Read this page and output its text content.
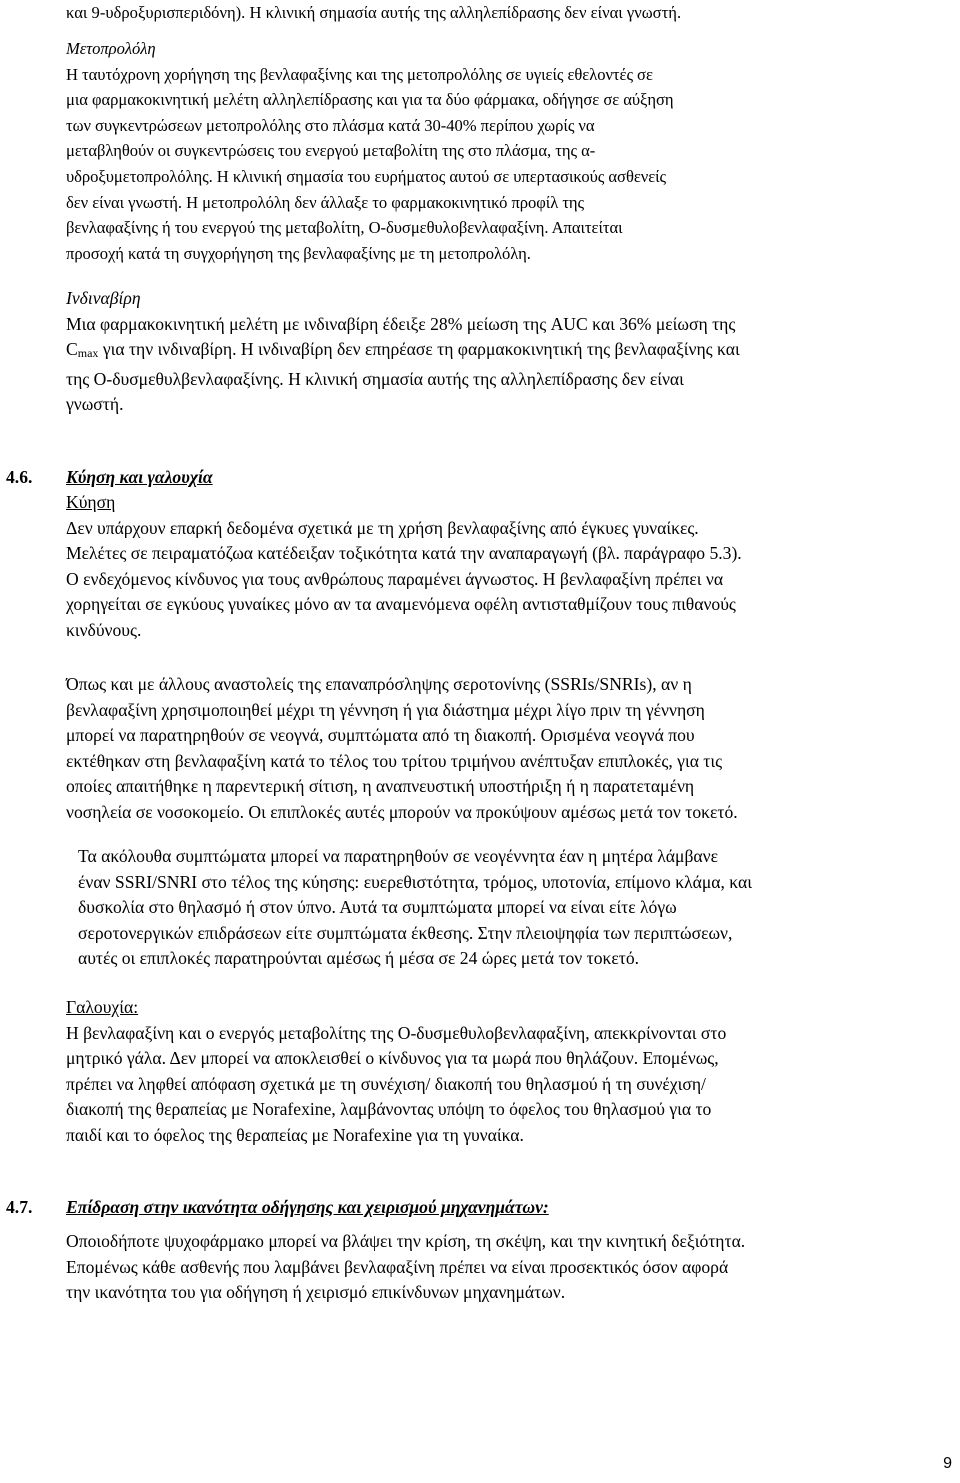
και 9-υδροξυρισπεριδόνη). Η κλινική σημασία αυτής της αλληλεπίδρασης δεν είναι γνωστή.
Μετοπρολόλη
Η ταυτόχρονη χορήγηση της βενλαφαξίνης και της μετοπρολόλης σε υγιείς εθελοντές σε
μια φαρμακοκινητική μελέτη αλληλεπίδρασης και για τα δύο φάρμακα, οδήγησε σε αύξηση
των συγκεντρώσεων μετοπρολόλης στο πλάσμα κατά 30-40% περίπου χωρίς να
μεταβληθούν οι συγκεντρώσεις του ενεργού μεταβολίτη της στο πλάσμα, της α-
υδροξυμετοπρολόλης. Η κλινική σημασία του ευρήματος αυτού σε υπερτασικούς ασθενείς
δεν είναι γνωστή. Η μετοπρολόλη δεν άλλαξε το φαρμακοκινητικό προφίλ της
βενλαφαξίνης ή του ενεργού της μεταβολίτη, Ο-δυσμεθυλοβενλαφαξίνη. Απαιτείται
προσοχή κατά τη συγχορήγηση της βενλαφαξίνης με τη μετοπρολόλη.
Ινδιναβίρη
Μια φαρμακοκινητική μελέτη με ινδιναβίρη έδειξε 28% μείωση της AUC και 36% μείωση της
Cmax για την ινδιναβίρη. Η ινδιναβίρη δεν επηρέασε τη φαρμακοκινητική της βενλαφαξίνης και
της Ο-δυσμεθυλβενλαφαξίνης. Η κλινική σημασία αυτής της αλληλεπίδρασης δεν είναι
γνωστή.
4.6. Κύηση και γαλουχία
Κύηση
Δεν υπάρχουν επαρκή δεδομένα σχετικά με τη χρήση βενλαφαξίνης από έγκυες γυναίκες.
Μελέτες σε πειραματόζωα κατέδειξαν τοξικότητα κατά την αναπαραγωγή (βλ. παράγραφο 5.3).
Ο ενδεχόμενος κίνδυνος για τους ανθρώπους παραμένει άγνωστος. Η βενλαφαξίνη πρέπει να
χορηγείται σε εγκύους γυναίκες μόνο αν τα αναμενόμενα οφέλη αντισταθμίζουν τους πιθανούς
κινδύνους.
Όπως και με άλλους αναστολείς της επαναπρόσληψης σεροτονίνης (SSRIs/SNRIs), αν η
βενλαφαξίνη χρησιμοποιηθεί μέχρι τη γέννηση ή για διάστημα μέχρι λίγο πριν τη γέννηση
μπορεί να παρατηρηθούν σε νεογνά, συμπτώματα από τη διακοπή. Ορισμένα νεογνά που
εκτέθηκαν στη βενλαφαξίνη κατά το τέλος του τρίτου τριμήνου ανέπτυξαν επιπλοκές, για τις
οποίες απαιτήθηκε η παρεντερική σίτιση, η αναπνευστική υποστήριξη ή η παρατεταμένη
νοσηλεία σε νοσοκομείο. Οι επιπλοκές αυτές μπορούν να προκύψουν αμέσως μετά τον τοκετό.
Τα ακόλουθα συμπτώματα μπορεί να παρατηρηθούν σε νεογέννητα έαν η μητέρα λάμβανε
έναν SSRI/SNRI στο τέλος της κύησης: ευερεθιστότητα, τρόμος, υποτονία, επίμονο κλάμα, και
δυσκολία στο θηλασμό ή στον ύπνο. Αυτά τα συμπτώματα μπορεί να είναι είτε λόγω
σεροτονεργικών επιδράσεων είτε συμπτώματα έκθεσης. Στην πλειοψηφία των περιπτώσεων,
αυτές οι επιπλοκές παρατηρούνται αμέσως ή μέσα σε 24 ώρες μετά τον τοκετό.
Γαλουχία:
Η βενλαφαξίνη και ο ενεργός μεταβολίτης της Ο-δυσμεθυλοβενλαφαξίνη, απεκκρίνονται στο
μητρικό γάλα. Δεν μπορεί να αποκλεισθεί ο κίνδυνος για τα μωρά που θηλάζουν. Επομένως,
πρέπει να ληφθεί απόφαση σχετικά με τη συνέχιση/ διακοπή του θηλασμού ή τη συνέχιση/
διακοπή της θεραπείας με Norafexine, λαμβάνοντας υπόψη το όφελος του θηλασμού για το
παιδί και το όφελος της θεραπείας με Norafexine για τη γυναίκα.
4.7. Επίδραση στην ικανότητα οδήγησης και χειρισμού μηχανημάτων:
Οποιοδήποτε ψυχοφάρμακο μπορεί να βλάψει την κρίση, τη σκέψη, και την κινητική δεξιότητα.
Επομένως κάθε ασθενής που λαμβάνει βενλαφαξίνη πρέπει να είναι προσεκτικός όσον αφορά
την ικανότητα του για οδήγηση ή χειρισμό επικίνδυνων μηχανημάτων.
9
